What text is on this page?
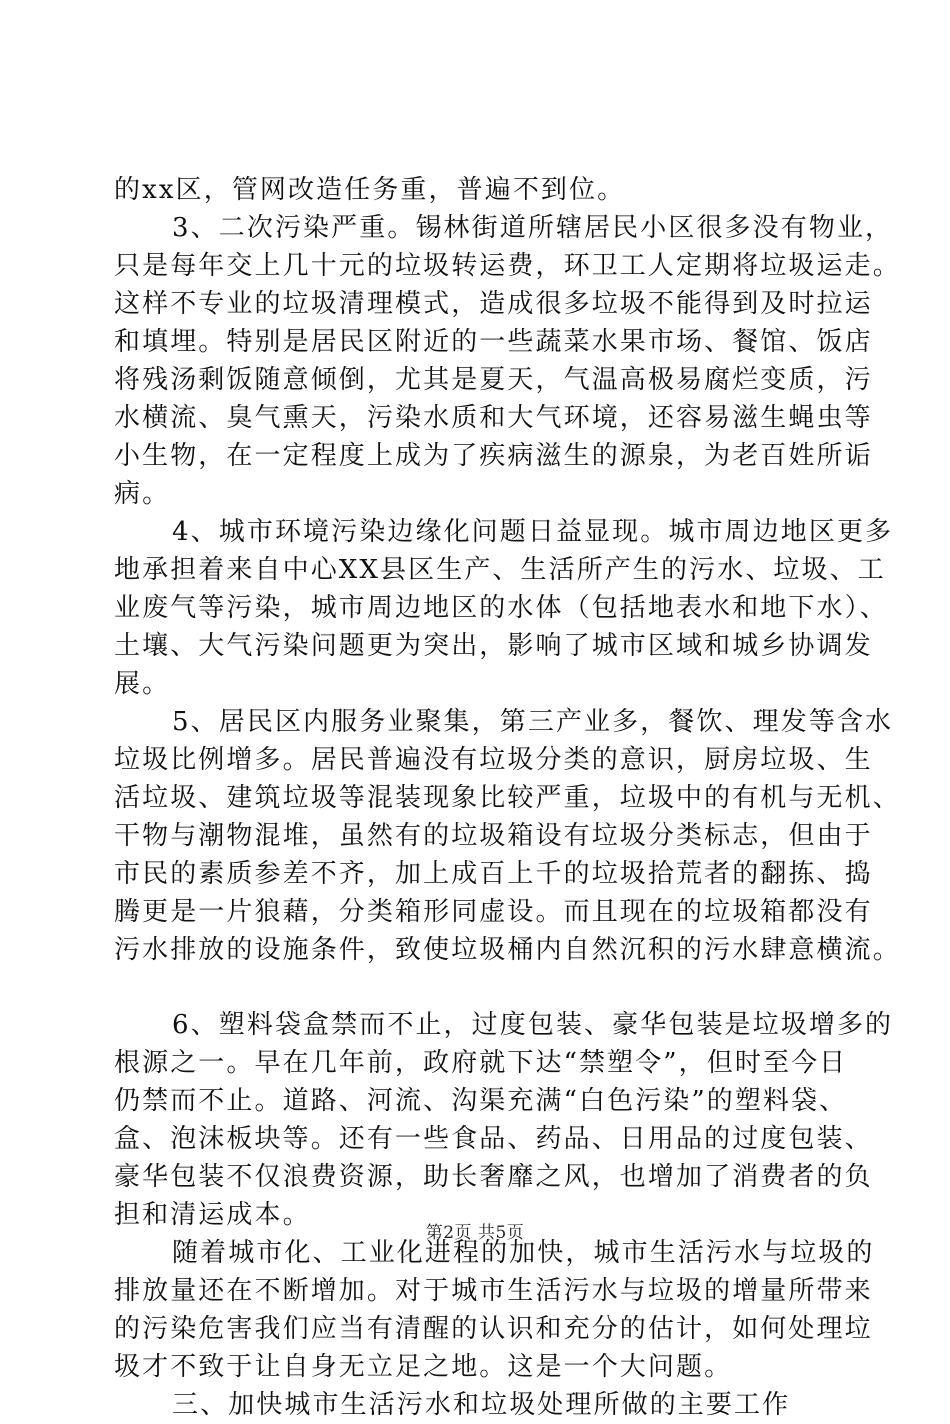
的xx区，管网改造任务重，普遍不到位。
3、二次污染严重。锡林街道所辖居民小区很多没有物业，
只是每年交上几十元的垃圾转运费，环卫工人定期将垃圾运走。
这样不专业的垃圾清理模式，造成很多垃圾不能得到及时拉运
和填埋。特别是居民区附近的一些蔬菜水果市场、餐馆、饭店
将残汤剩饭随意倾倒，尤其是夏天，气温高极易腐烂变质，污
水横流、臭气熏天，污染水质和大气环境，还容易滋生蝇虫等
小生物，在一定程度上成为了疾病滋生的源泉，为老百姓所诟
病。
4、城市环境污染边缘化问题日益显现。城市周边地区更多
地承担着来自中心XX县区生产、生活所产生的污水、垃圾、工
业废气等污染，城市周边地区的水体（包括地表水和地下水）、
土壤、大气污染问题更为突出，影响了城市区域和城乡协调发
展。
5、居民区内服务业聚集，第三产业多，餐饮、理发等含水
垃圾比例增多。居民普遍没有垃圾分类的意识，厨房垃圾、生
活垃圾、建筑垃圾等混装现象比较严重，垃圾中的有机与无机、
干物与潮物混堆，虽然有的垃圾箱设有垃圾分类标志，但由于
市民的素质参差不齐，加上成百上千的垃圾拾荒者的翻拣、捣
腾更是一片狼藉，分类箱形同虚设。而且现在的垃圾箱都没有
污水排放的设施条件，致使垃圾桶内自然沉积的污水肆意横流。
6、塑料袋盒禁而不止，过度包装、豪华包装是垃圾增多的
根源之一。早在几年前，政府就下达“禁塑令”，但时至今日
仍禁而不止。道路、河流、沟渠充满“白色污染”的塑料袋、
盒、泡沫板块等。还有一些食品、药品、日用品的过度包装、
豪华包装不仅浪费资源，助长奢靡之风，也增加了消费者的负
担和清运成本。
随着城市化、工业化进程的加快，城市生活污水与垃圾的
排放量还在不断增加。对于城市生活污水与垃圾的增量所带来
的污染危害我们应当有清醒的认识和充分的估计，如何处理垃
圾才不致于让自身无立足之地。这是一个大问题。
三、加快城市生活污水和垃圾处理所做的主要工作
第2页 共5页
